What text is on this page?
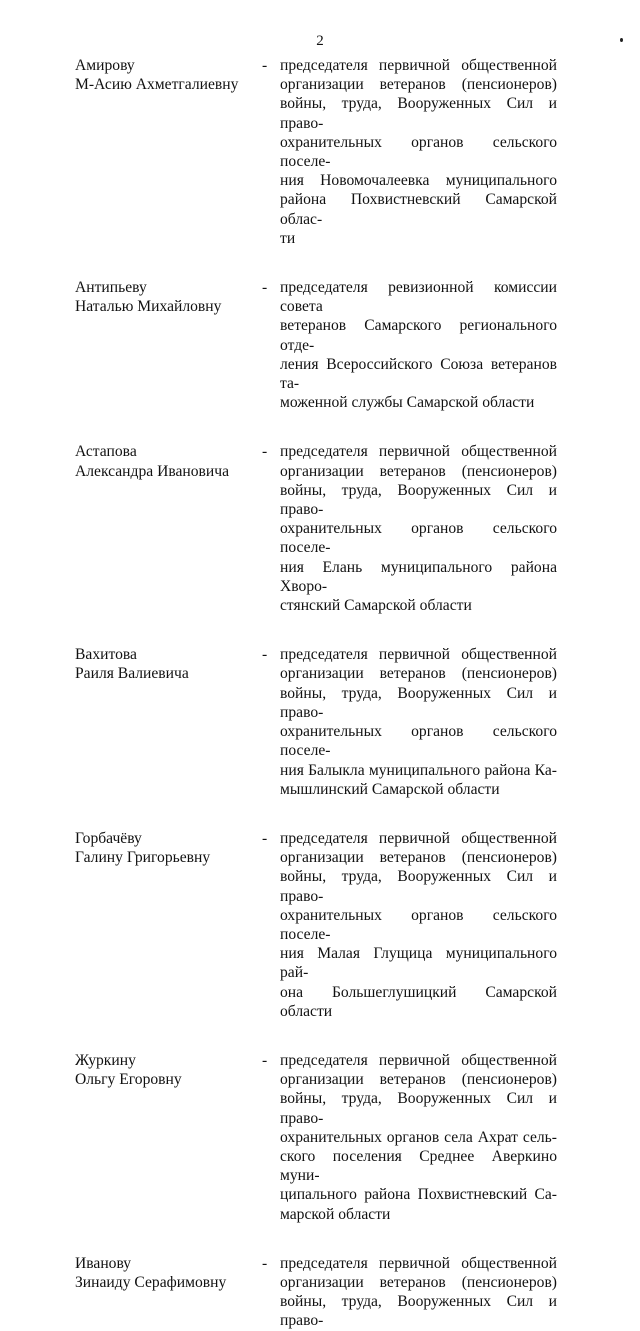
2
Амирову
М-Асию Ахметгалиевну
- председателя первичной общественной
организации ветеранов (пенсионеров)
войны, труда, Вооруженных Сил и право-
охранительных органов сельского поселе-
ния Новомочалеевка муниципального
района Похвистневский Самарской облас-
ти
Антипьеву
Наталью Михайловну
- председателя ревизионной комиссии совета
ветеранов Самарского регионального отде-
ления Всероссийского Союза ветеранов та-
моженной службы Самарской области
Астапова
Александра Ивановича
- председателя первичной общественной
организации ветеранов (пенсионеров)
войны, труда, Вооруженных Сил и право-
охранительных органов сельского поселе-
ния Елань муниципального района Хворо-
стянский Самарской области
Вахитова
Раиля Валиевича
- председателя первичной общественной
организации ветеранов (пенсионеров)
войны, труда, Вооруженных Сил и право-
охранительных органов сельского поселе-
ния Балыкла муниципального района Ка-
мышлинский Самарской области
Горбачёву
Галину Григорьевну
- председателя первичной общественной
организации ветеранов (пенсионеров)
войны, труда, Вооруженных Сил и право-
охранительных органов сельского поселе-
ния Малая Глущица муниципального рай-
она Большеглушицкий Самарской области
Журкину
Ольгу Егоровну
- председателя первичной общественной
организации ветеранов (пенсионеров)
войны, труда, Вооруженных Сил и право-
охранительных органов села Ахрат сель-
ского поселения Среднее Аверкино муни-
ципального района Похвистневский Са-
марской области
Иванову
Зинаиду Серафимовну
- председателя первичной общественной
организации ветеранов (пенсионеров)
войны, труда, Вооруженных Сил и право-
